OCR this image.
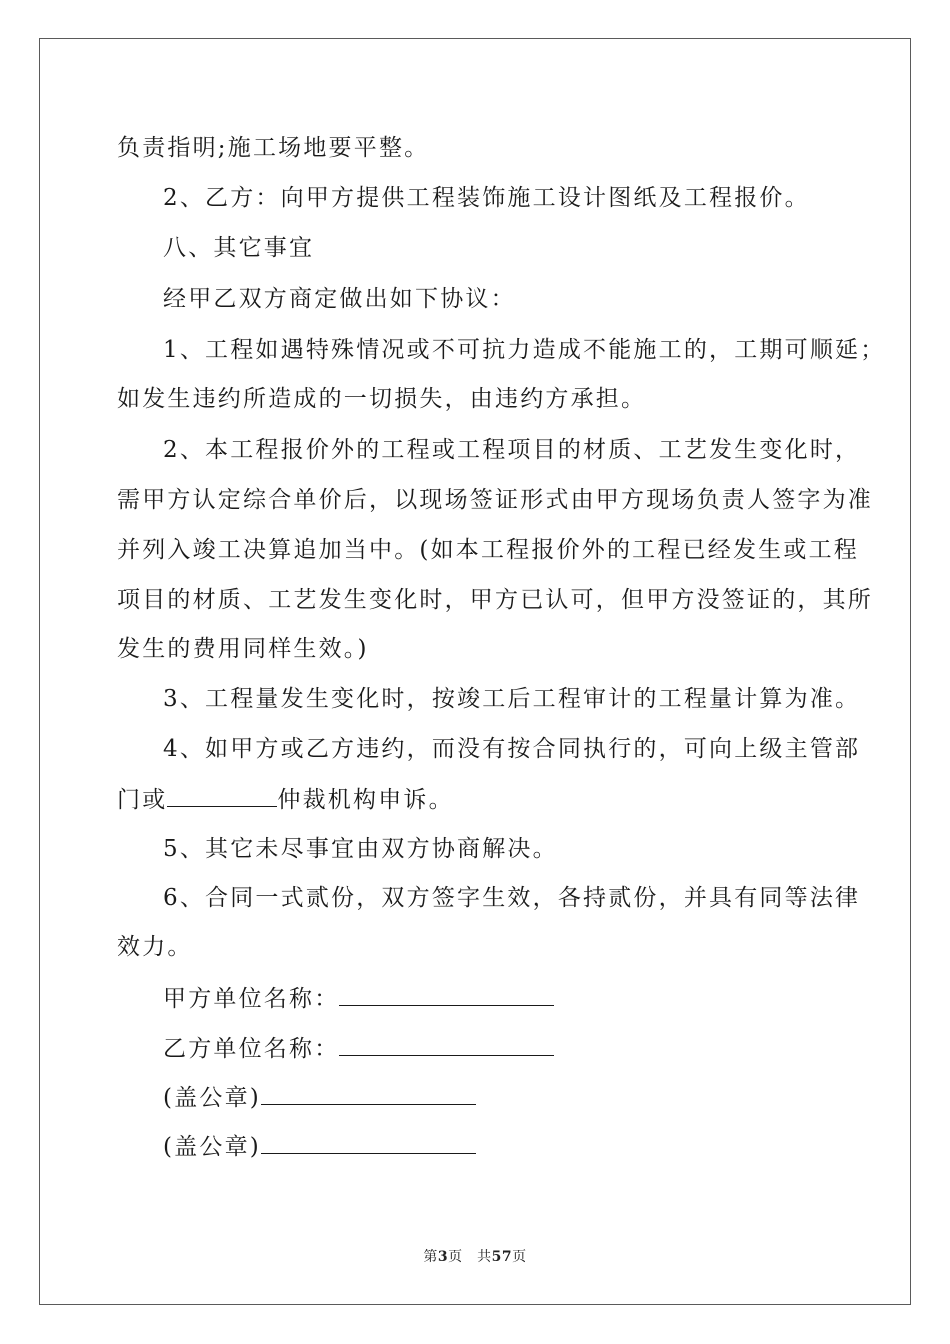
负责指明;施工场地要平整。
2、乙方：向甲方提供工程装饰施工设计图纸及工程报价。
八、其它事宜
经甲乙双方商定做出如下协议：
1、工程如遇特殊情况或不可抗力造成不能施工的，工期可顺延；
如发生违约所造成的一切损失，由违约方承担。
2、本工程报价外的工程或工程项目的材质、工艺发生变化时，
需甲方认定综合单价后，以现场签证形式由甲方现场负责人签字为准
并列入竣工决算追加当中。(如本工程报价外的工程已经发生或工程
项目的材质、工艺发生变化时，甲方已认可，但甲方没签证的，其所
发生的费用同样生效。)
3、工程量发生变化时，按竣工后工程审计的工程量计算为准。
4、如甲方或乙方违约，而没有按合同执行的，可向上级主管部
门或	仲裁机构申诉。
5、其它未尽事宜由双方协商解决。
6、合同一式贰份，双方签字生效，各持贰份，并具有同等法律
效力。
甲方单位名称：
乙方单位名称：
(盖公章)
(盖公章)
第3页　共57页
